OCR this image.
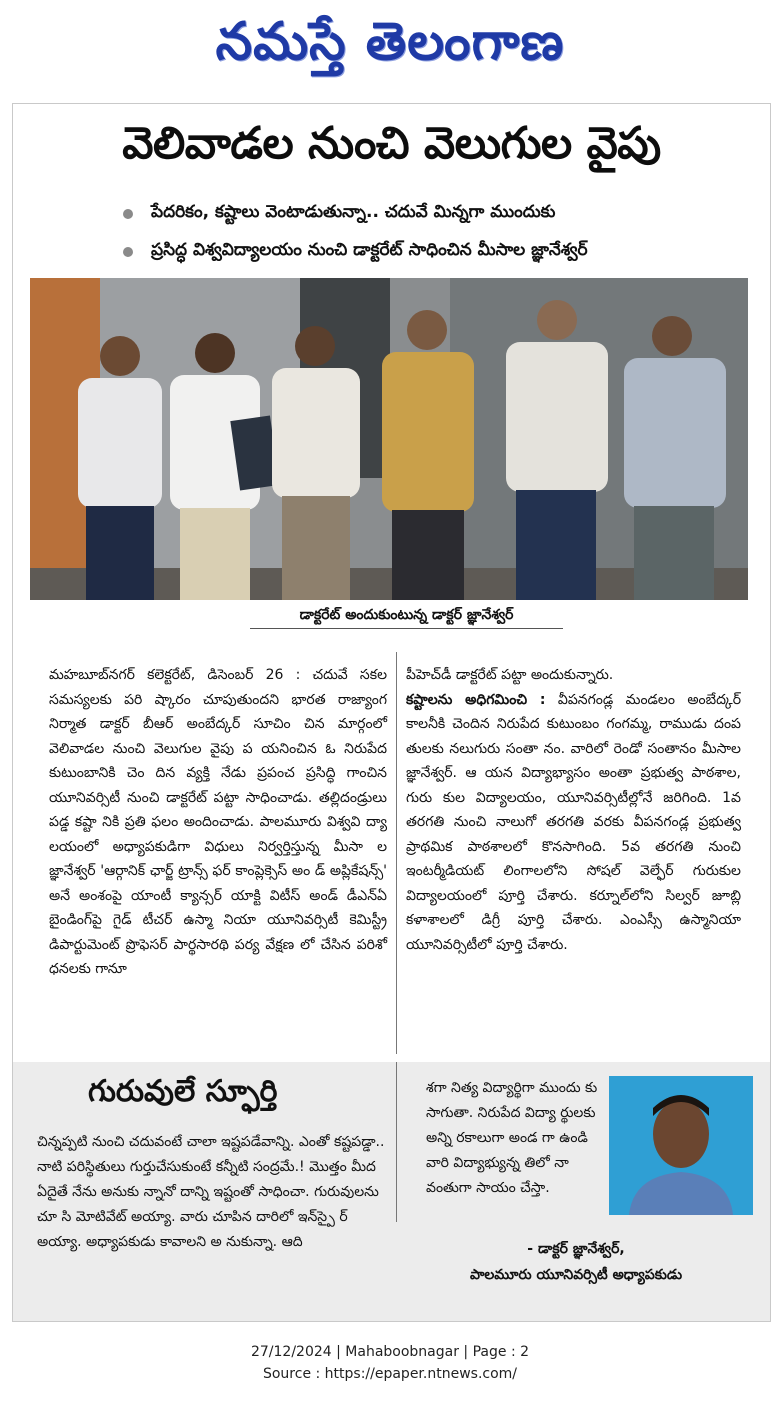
నమస్తే తెలంగాణ
వెలివాడల నుంచి వెలుగుల వైపు
పేదరికం, కష్టాలు వెంటాడుతున్నా.. చదువే మిన్నగా ముందుకు
ప్రసిద్ధ విశ్వవిద్యాలయం నుంచి డాక్టరేట్ సాధించిన మీసాల జ్ఞానేశ్వర్
డాక్టరేట్ అందుకుంటున్న డాక్టర్ జ్ఞానేశ్వర్
మహబూబ్‌నగర్ కలెక్టరేట్, డిసెంబర్ 26 : చదువే సకల సమస్యలకు పరి ష్కారం చూపుతుందని భారత రాజ్యాంగ నిర్మాత డాక్టర్ బీఆర్ అంబేద్కర్ సూచిం చిన మార్గంలో వెలివాడల నుంచి వెలుగుల వైపు ప యనించిన ఓ నిరుపేద కుటుంబానికి చెం దిన వ్యక్తి నేడు ప్రపంచ ప్రసిద్ధి గాంచిన యూనివర్సిటీ నుంచి డాక్టరేట్ పట్టా సాధించాడు. తల్లిదండ్రులు పడ్డ కష్టా నికి ప్రతి ఫలం అందించాడు. పాలమూరు విశ్వవి ద్యా లయంలో అధ్యాపకుడిగా విధులు నిర్వర్తిస్తున్న మీసా ల జ్ఞానేశ్వర్ 'ఆర్గానిక్ ఛార్జ్ ట్రాన్స్ ఫర్ కాంప్లెక్సెస్ అం డ్ అప్లికేషన్స్' అనే అంశంపై యాంటీ క్యాన్సర్ యాక్టి విటీస్ అండ్ డీఎన్ఏ బైండింగ్‌పై గైడ్ టీచర్ ఉస్మా నియా యూనివర్సిటీ కెమిస్ట్రీ డిపార్టుమెంట్ ప్రొఫెసర్ పార్థసారథి పర్య వేక్షణ లో చేసిన పరిశో ధనలకు గానూ
పీహెచ్‌డీ డాక్టరేట్ పట్టా అందుకున్నారు.
కష్టాలను అధిగమించి : వీపనగండ్ల మండలం అంబేద్కర్ కాలనీకి చెందిన నిరుపేద కుటుంబం గంగమ్మ, రాముడు దంప తులకు నలుగురు సంతా నం. వారిలో రెండో సంతానం మీసాల జ్ఞానేశ్వర్. ఆ యన విద్యాభ్యాసం అంతా ప్రభుత్వ పాఠశాల, గురు కుల విద్యాలయం, యూనివర్సిటీల్లోనే జరిగింది. 1వ తరగతి నుంచి నాలుగో తరగతి వరకు వీపనగండ్ల ప్రభుత్వ ప్రాథమిక పాఠశాలలో కొనసాగింది. 5వ తరగతి నుంచి ఇంటర్మీడియట్ లింగాలలోని సోషల్ వెల్ఫేర్ గురుకుల విద్యాలయంలో పూర్తి చేశారు. కర్నూల్‌లోని సిల్వర్ జూబ్లి కళాశాలలో డిగ్రీ పూర్తి చేశారు. ఎంఎస్సీ ఉస్మానియా యూనివర్సిటీలో పూర్తి చేశారు.
గురువులే స్ఫూర్తి
చిన్నప్పటి నుంచి చదువంటే చాలా ఇష్టపడేవాన్ని. ఎంతో కష్టపడ్డా.. నాటి పరిస్థితులు గుర్తుచేసుకుంటే కన్నీటి సంద్రమే.! మొత్తం మీద ఏదైతే నేను అనుకు న్నానో దాన్ని ఇష్టంతో సాధించా. గురువులను చూ సి మోటివేట్ అయ్యా. వారు చూపిన దారిలో ఇన్‌స్పై ర్ అయ్యా. అధ్యాపకుడు కావాలని అ నుకున్నా. ఆది
శగా నిత్య విద్యార్థిగా ముందు కు సాగుతా. నిరుపేద విద్యా ర్థులకు అన్ని రకాలుగా అండ గా ఉండి వారి విద్యాభ్యున్న తిలో నా వంతుగా సాయం చేస్తా.
- డాక్టర్ జ్ఞానేశ్వర్,
పాలమూరు యూనివర్సిటీ అధ్యాపకుడు
27/12/2024 | Mahaboobnagar | Page : 2
Source : https://epaper.ntnews.com/
